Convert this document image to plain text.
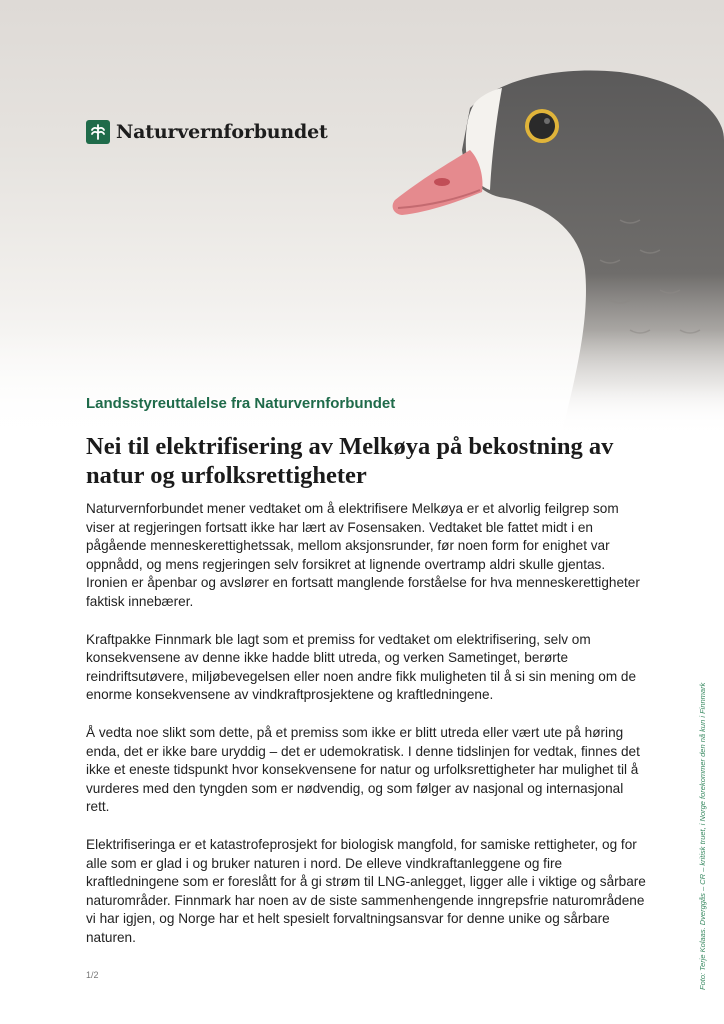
Naturvernforbundet
Landsstyreuttalelse fra Naturvernforbundet
Nei til elektrifisering av Melkøya på bekostning av natur og urfolksrettigheter

Naturvernforbundet mener vedtaket om å elektrifisere Melkøya er et alvorlig feilgrep som viser at regjeringen fortsatt ikke har lært av Fosensaken. Vedtaket ble fattet midt i en pågående menneskerettighetssak, mellom aksjonsrunder, før noen form for enighet var oppnådd, og mens regjeringen selv forsikret at lignende overtramp aldri skulle gjentas. Ironien er åpenbar og avslører en fortsatt manglende forståelse for hva menneskerettigheter faktisk innebærer.

Kraftpakke Finnmark ble lagt som et premiss for vedtaket om elektrifisering, selv om konsekvensene av denne ikke hadde blitt utreda, og verken Sametinget, berørte reindriftsutøvere, miljøbevegelsen eller noen andre fikk muligheten til å si sin mening om de enorme konsekvensene av vindkraftprosjektene og kraftledningene.

Å vedta noe slikt som dette, på et premiss som ikke er blitt utreda eller vært ute på høring enda, det er ikke bare uryddig – det er udemokratisk. I denne tidslinjen for vedtak, finnes det ikke et eneste tidspunkt hvor konsekvensene for natur og urfolksrettigheter har mulighet til å vurderes med den tyngden som er nødvendig, og som følger av nasjonal og internasjonal rett.

Elektrifiseringa er et katastrofeprosjekt for biologisk mangfold, for samiske rettigheter, og for alle som er glad i og bruker naturen i nord. De elleve vindkraftanleggene og fire kraftledningene som er foreslått for å gi strøm til LNG-anlegget, ligger alle i viktige og sårbare naturområder. Finnmark har noen av de siste sammenhengende inngrepsfrie naturområdene vi har igjen, og Norge har et helt spesielt forvaltningsansvar for denne unike og sårbare naturen.

1/2	Foto: Terje Kolaas. Dverggås – CR – kritisk truet, i Norge forekommer den nå kun i Finnmark
